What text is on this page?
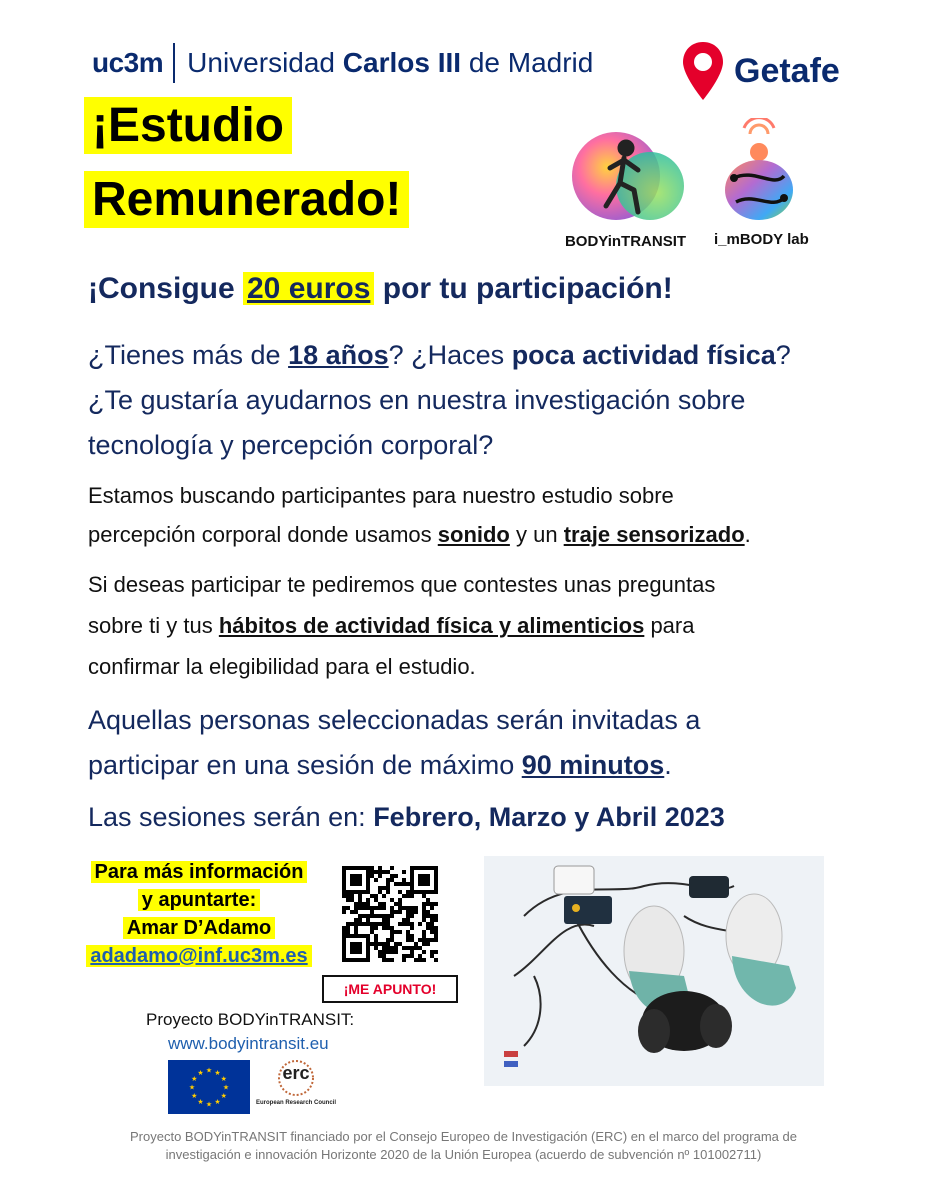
uc3m Universidad Carlos III de Madrid	Getafe
¡Estudio
Remunerado!
BODYinTRANSIT	i_mBODY lab
¡Consigue 20 euros por tu participación!
¿Tienes más de 18 años? ¿Haces poca actividad física?
¿Te gustaría ayudarnos en nuestra investigación sobre
tecnología y percepción corporal?
Estamos buscando participantes para nuestro estudio sobre
percepción corporal donde usamos sonido y un traje sensorizado.
Si deseas participar te pediremos que contestes unas preguntas
sobre ti y tus hábitos de actividad física y alimenticios para
confirmar la elegibilidad para el estudio.
Aquellas personas seleccionadas serán invitadas a
participar en una sesión de máximo 90 minutos.
Las sesiones serán en: Febrero, Marzo y Abril 2023
Para más información
y apuntarte:
Amar D’Adamo
adadamo@inf.uc3m.es
¡ME APUNTO!
Proyecto BODYinTRANSIT:
www.bodyintransit.eu
★
★
★
★
★
★
★
★
★ ★ ★
★	erc
European Research Council
Proyecto BODYinTRANSIT financiado por el Consejo Europeo de Investigación (ERC) en el marco del programa de
investigación e innovación Horizonte 2020 de la Unión Europea (acuerdo de subvención nº 101002711)
